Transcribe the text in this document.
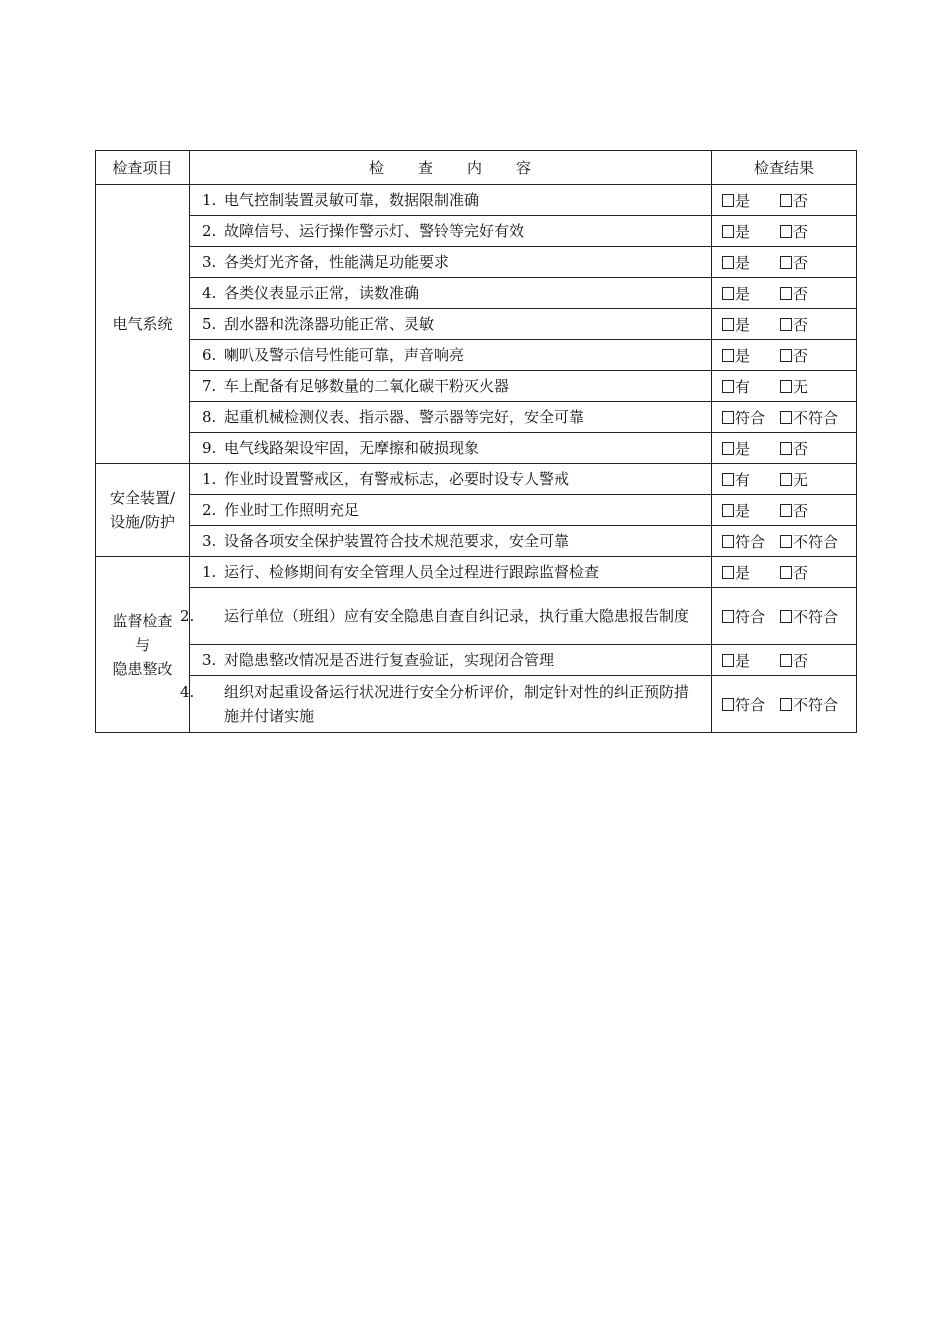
检查项目	检查内容	检查结果
电气系统	1. 电气控制装置灵敏可靠，数据限制准确	是 否
	2. 故障信号、运行操作警示灯、警铃等完好有效	是 否
	3. 各类灯光齐备，性能满足功能要求	是 否
	4. 各类仪表显示正常，读数准确	是 否
	5. 刮水器和洗涤器功能正常、灵敏	是 否
	6. 喇叭及警示信号性能可靠，声音响亮	是 否
	7. 车上配备有足够数量的二氧化碳干粉灭火器	有 无
	8. 起重机械检测仪表、指示器、警示器等完好，安全可靠	符合 不符合
	9. 电气线路架设牢固，无摩擦和破损现象	是 否

安全装置/
设施/防护	1. 作业时设置警戒区，有警戒标志，必要时设专人警戒	有 无
	2. 作业时工作照明充足	是 否
	3. 设备各项安全保护装置符合技术规范要求，安全可靠	符合 不符合

监督检查
与
隐患整改	1. 运行、检修期间有安全管理人员全过程进行跟踪监督检查	是 否
	2. 运行单位（班组）应有安全隐患自查自纠记录，执行重大隐患报告制度	符合 不符合
	3. 对隐患整改情况是否进行复查验证，实现闭合管理	是 否
	4. 组织对起重设备运行状况进行安全分析评价，制定针对性的纠正预防措施并付诸实施	符合 不符合
